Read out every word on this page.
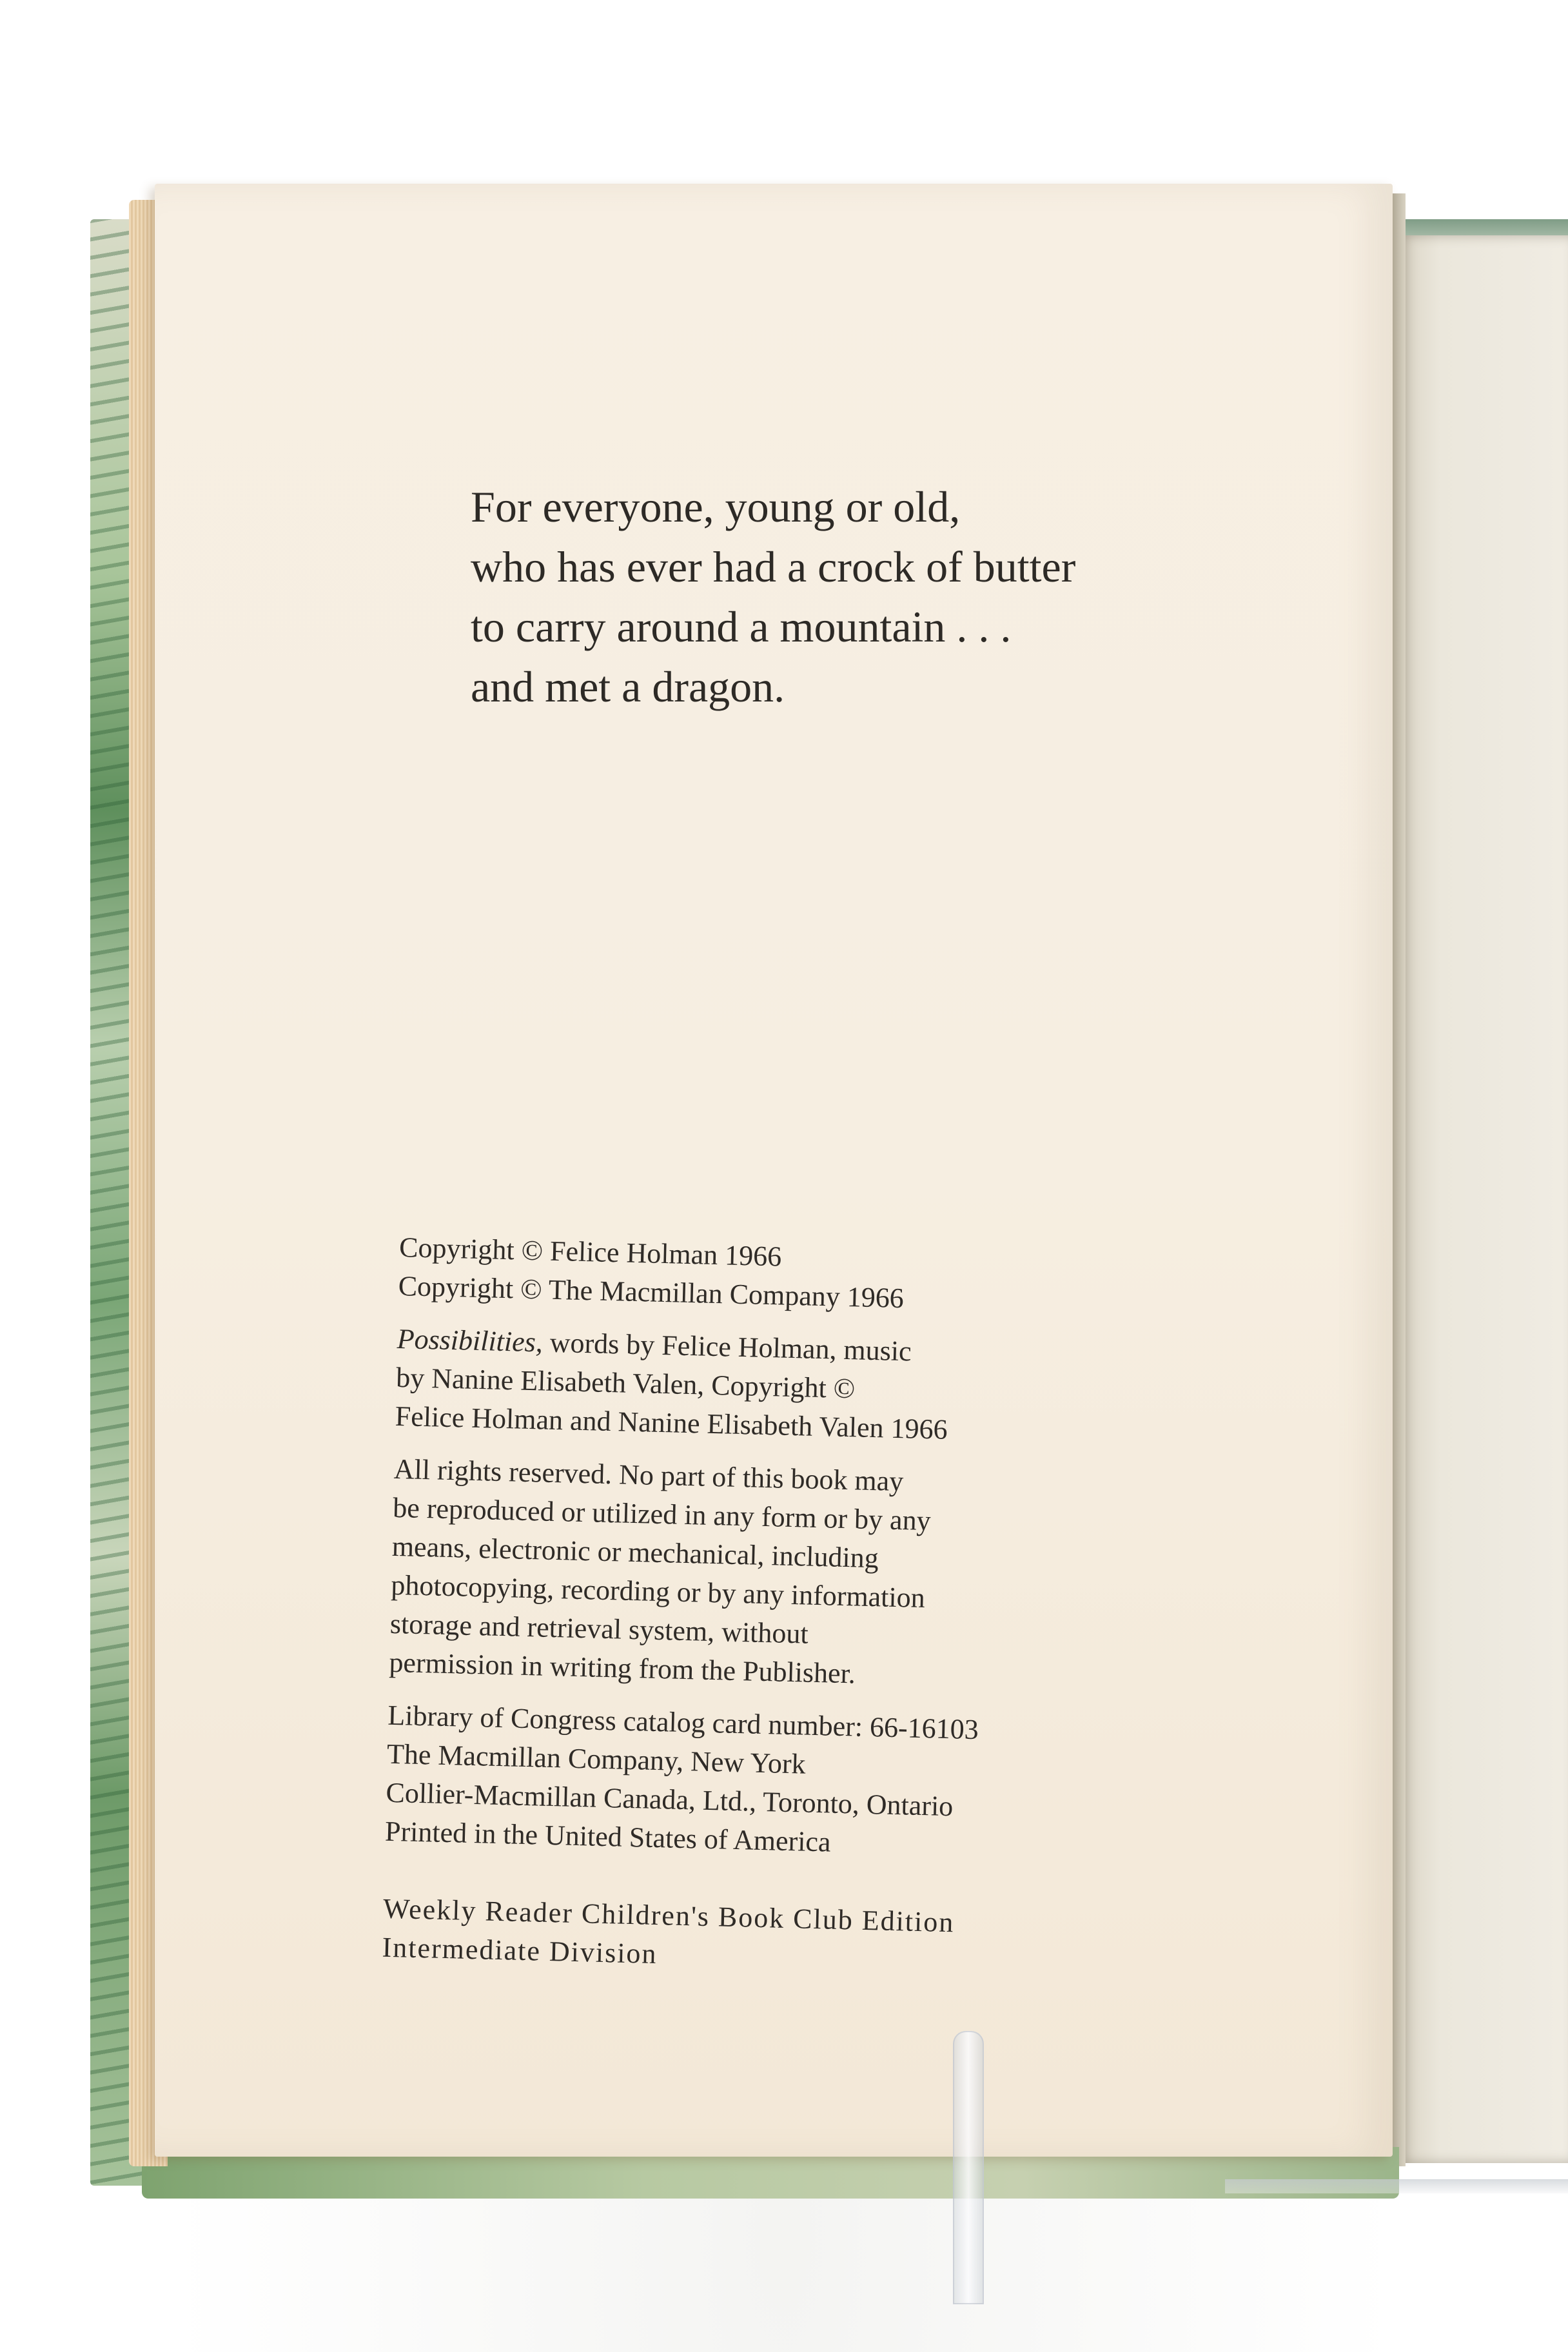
For everyone, young or old,
who has ever had a crock of butter
to carry around a mountain . . .
and met a dragon.
Copyright © Felice Holman 1966
Copyright © The Macmillan Company 1966
Possibilities, words by Felice Holman, music
by Nanine Elisabeth Valen, Copyright ©
Felice Holman and Nanine Elisabeth Valen 1966
All rights reserved. No part of this book may
be reproduced or utilized in any form or by any
means, electronic or mechanical, including
photocopying, recording or by any information
storage and retrieval system, without
permission in writing from the Publisher.
Library of Congress catalog card number: 66-16103
The Macmillan Company, New York
Collier-Macmillan Canada, Ltd., Toronto, Ontario
Printed in the United States of America
Weekly Reader Children's Book Club Edition
Intermediate Division
